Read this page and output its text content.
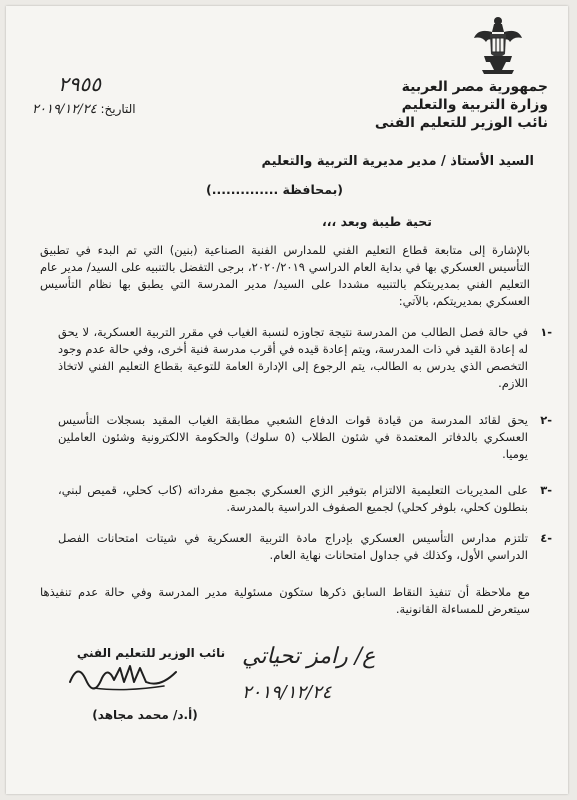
جمهورية مصر العربية
وزارة التربية والتعليم
نائب الوزير للتعليم الفنى
٢٩٥٥
التاريخ: ٢٠١٩/١٢/٢٤
السيد الأستاذ / مدير مديرية التربية والتعليم
(بمحافظة ..............)
تحية طيبة وبعد ،،،
بالإشارة إلى متابعة قطاع التعليم الفني للمدارس الفنية الصناعية (بنين) التي تم البدء في تطبيق التأسيس العسكري بها في بداية العام الدراسي ٢٠٢٠/٢٠١٩، برجى التفضل بالتنبيه على السيد/ مدير عام التعليم الفني بمديريتكم بالتنبيه مشددا على السيد/ مدير المدرسة التي يطبق بها نظام التأسيس العسكري بمديريتكم، بالآتي:
١-
في حالة فصل الطالب من المدرسة نتيجة تجاوزه لنسبة الغياب في مقرر التربية العسكرية، لا يحق له إعادة القيد في ذات المدرسة، ويتم إعادة قيده في أقرب مدرسة فنية أخرى، وفي حالة عدم وجود التخصص الذي يدرس به الطالب، يتم الرجوع إلى الإدارة العامة للتوعية بقطاع التعليم الفني لاتخاذ اللازم.
٢-
يحق لقائد المدرسة من قيادة قوات الدفاع الشعبي مطابقة الغياب المقيد بسجلات التأسيس العسكري بالدفاتر المعتمدة في شئون الطلاب (٥ سلوك) والحكومة الالكترونية وشئون العاملين يوميا.
٣-
على المديريات التعليمية الالتزام بتوفير الزي العسكري بجميع مفرداته (كاب كحلي، قميص لبني، بنطلون كحلي، بلوفر كحلي) لجميع الصفوف الدراسية بالمدرسة.
٤-
تلتزم مدارس التأسيس العسكري بإدراج مادة التربية العسكرية في شيتات امتحانات الفصل الدراسي الأول، وكذلك في جداول امتحانات نهاية العام.
مع ملاحظة أن تنفيذ النقاط السابق ذكرها ستكون مسئولية مدير المدرسة وفي حالة عدم تنفيذها سيتعرض للمساءلة القانونية.
نائب الوزير للتعليم الفني
(أ.د/ محمد مجاهد)
ع/ رامز تحياتي
٢٠١٩/١٢/٢٤
